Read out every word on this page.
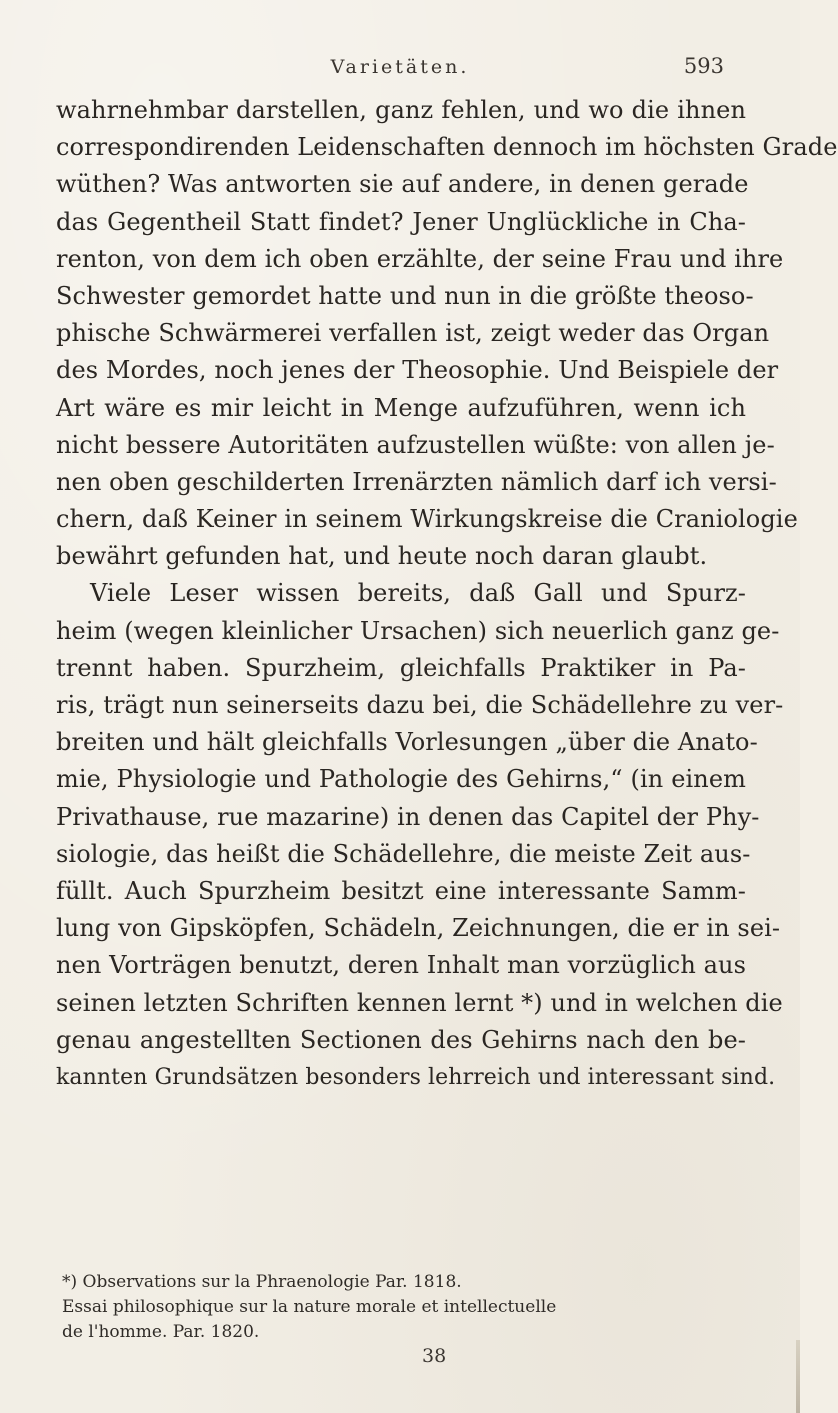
Varietäten.	593
wahrnehmbar darstellen, ganz fehlen, und wo die ihnen
correspondirenden Leidenschaften dennoch im höchsten Grade
wüthen? Was antworten sie auf andere, in denen gerade
das Gegentheil Statt findet? Jener Unglückliche in Cha-
renton, von dem ich oben erzählte, der seine Frau und ihre
Schwester gemordet hatte und nun in die größte theoso-
phische Schwärmerei verfallen ist, zeigt weder das Organ
des Mordes, noch jenes der Theosophie. Und Beispiele der
Art wäre es mir leicht in Menge aufzuführen, wenn ich
nicht bessere Autoritäten aufzustellen wüßte: von allen je-
nen oben geschilderten Irrenärzten nämlich darf ich versi-
chern, daß Keiner in seinem Wirkungskreise die Craniologie
bewährt gefunden hat, und heute noch daran glaubt.
Viele Leser wissen bereits, daß Gall und Spurz-
heim (wegen kleinlicher Ursachen) sich neuerlich ganz ge-
trennt haben. Spurzheim, gleichfalls Praktiker in Pa-
ris, trägt nun seinerseits dazu bei, die Schädellehre zu ver-
breiten und hält gleichfalls Vorlesungen „über die Anato-
mie, Physiologie und Pathologie des Gehirns,“ (in einem
Privathause, rue mazarine) in denen das Capitel der Phy-
siologie, das heißt die Schädellehre, die meiste Zeit aus-
füllt. Auch Spurzheim besitzt eine interessante Samm-
lung von Gipsköpfen, Schädeln, Zeichnungen, die er in sei-
nen Vorträgen benutzt, deren Inhalt man vorzüglich aus
seinen letzten Schriften kennen lernt *) und in welchen die
genau angestellten Sectionen des Gehirns nach den be-
kannten Grundsätzen besonders lehrreich und interessant sind.
*) Observations sur la Phraenologie Par. 1818.
Essai philosophique sur la nature morale et intellectuelle
de l'homme. Par. 1820.
38
